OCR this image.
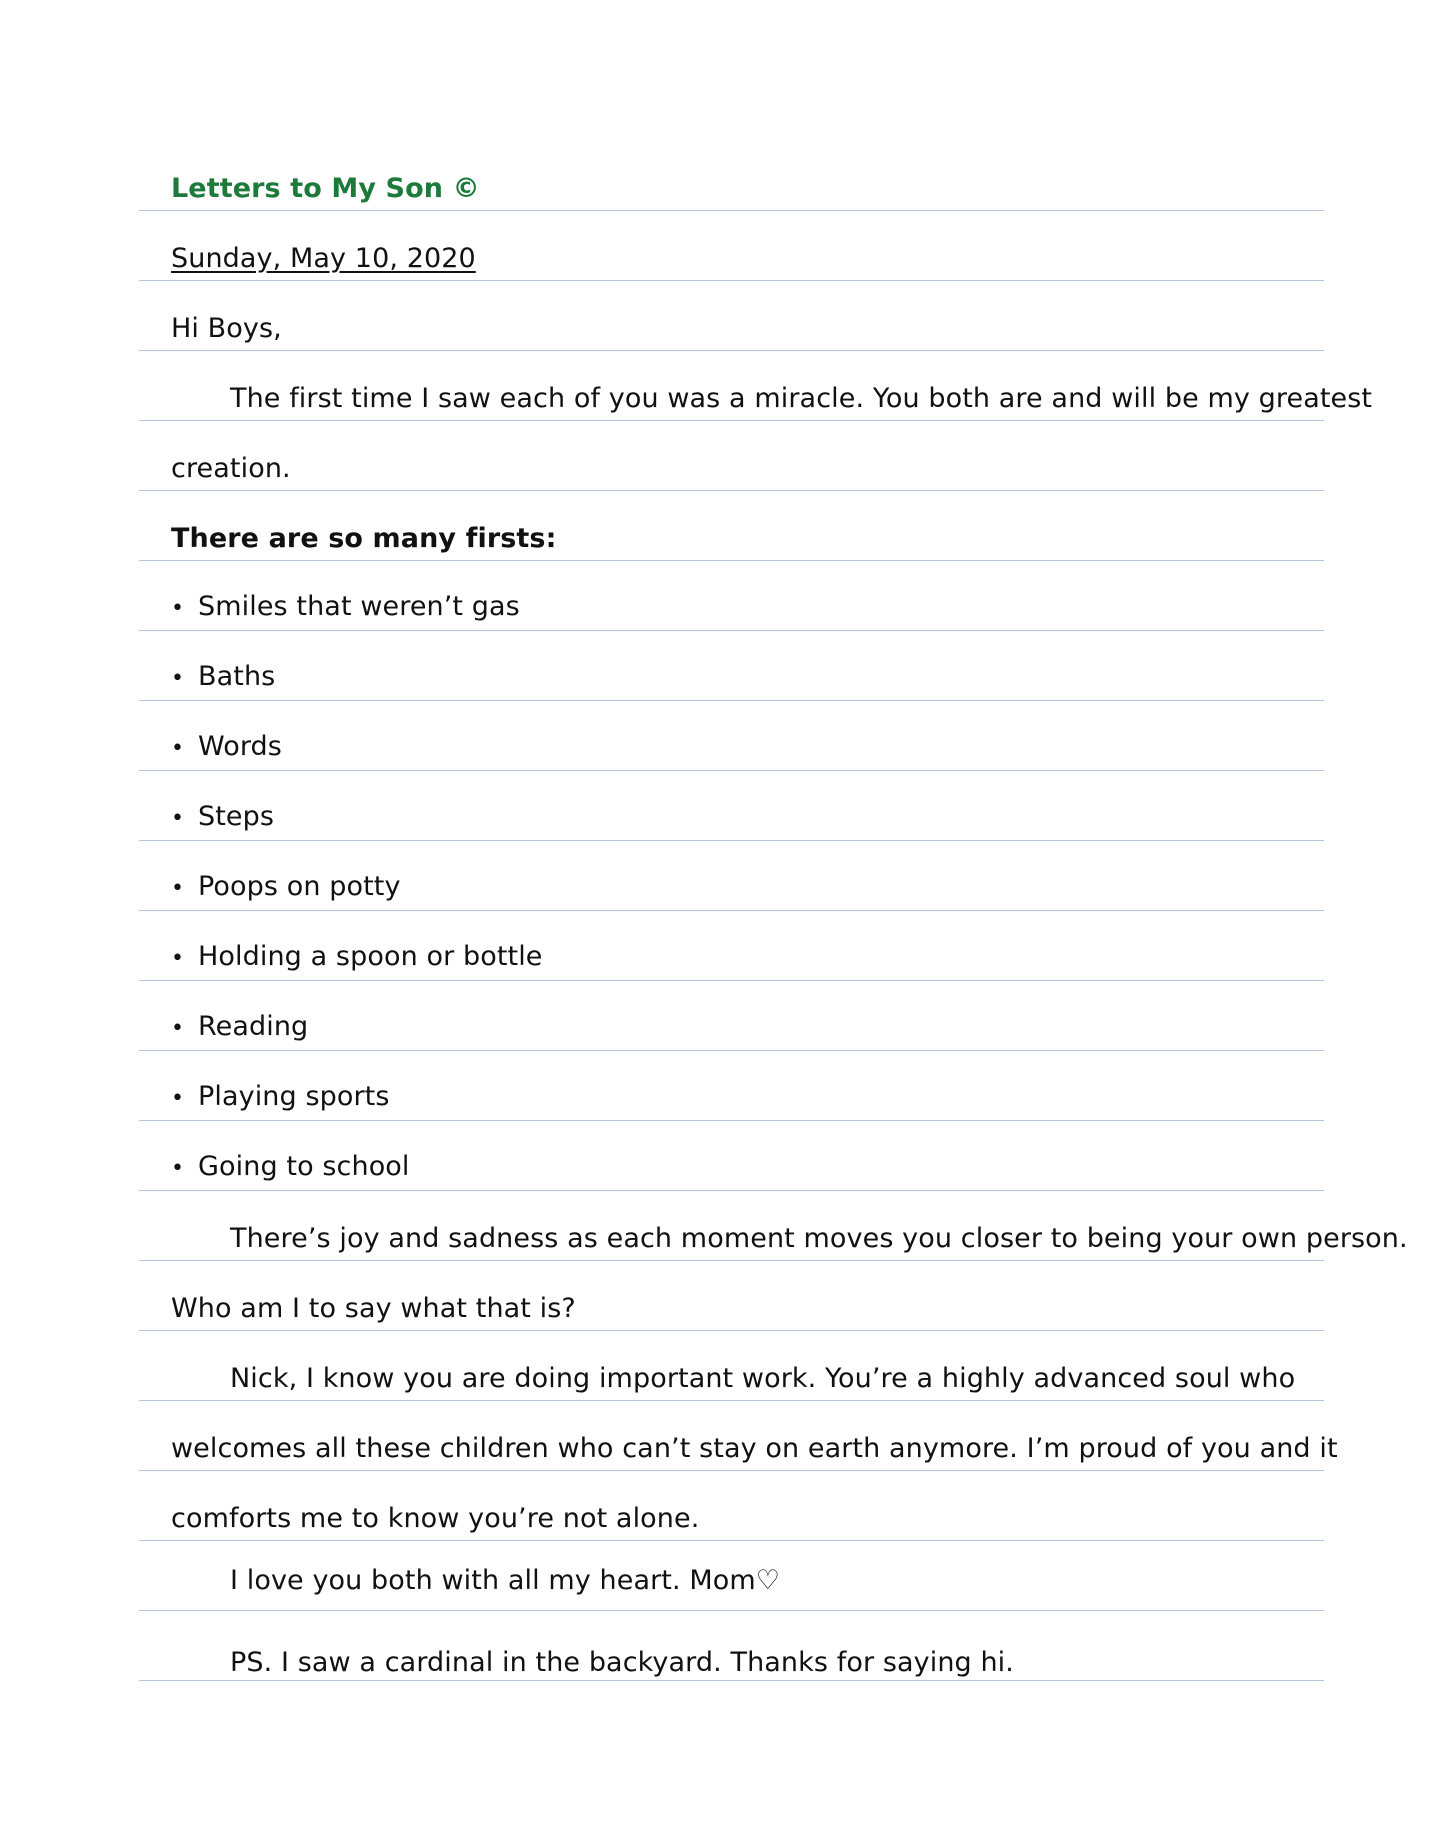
Letters to My Son ©
Sunday, May 10, 2020
Hi Boys,
The first time I saw each of you was a miracle. You both are and will be my greatest
creation.
There are so many firsts:
• Smiles that weren’t gas
• Baths
• Words
• Steps
• Poops on potty
• Holding a spoon or bottle
• Reading
• Playing sports
• Going to school
There’s joy and sadness as each moment moves you closer to being your own person.
Who am I to say what that is?
Nick, I know you are doing important work. You’re a highly advanced soul who
welcomes all these children who can’t stay on earth anymore. I’m proud of you and it
comforts me to know you’re not alone.
I love you both with all my heart. Mom♡
PS. I saw a cardinal in the backyard. Thanks for saying hi.
